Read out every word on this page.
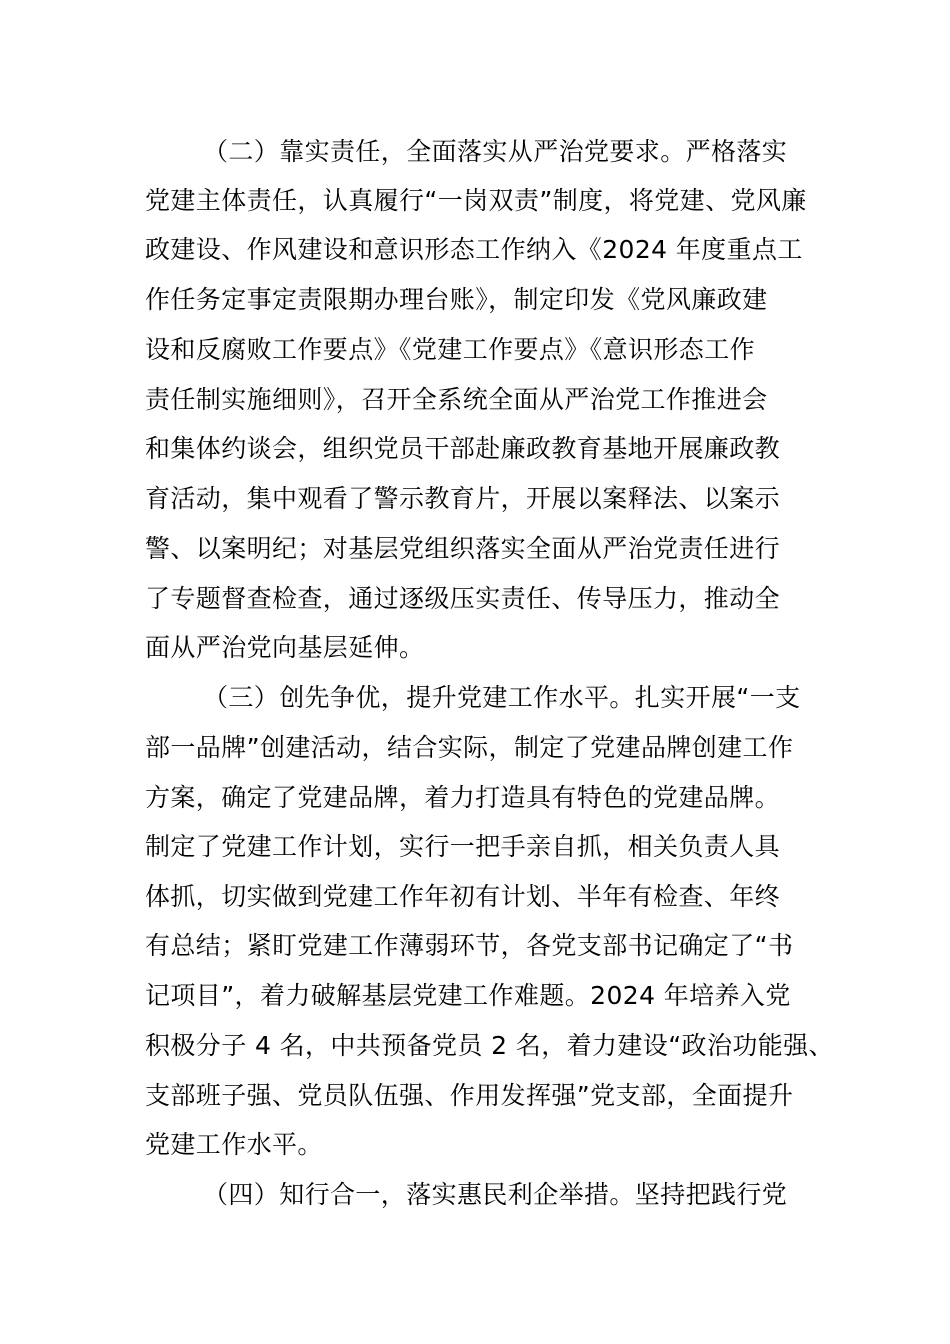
（二）靠实责任，全面落实从严治党要求。严格落实
党建主体责任，认真履行“一岗双责”制度，将党建、党风廉
政建设、作风建设和意识形态工作纳入《2024 年度重点工
作任务定事定责限期办理台账》，制定印发《党风廉政建
设和反腐败工作要点》《党建工作要点》《意识形态工作
责任制实施细则》，召开全系统全面从严治党工作推进会
和集体约谈会，组织党员干部赴廉政教育基地开展廉政教
育活动，集中观看了警示教育片，开展以案释法、以案示
警、以案明纪；对基层党组织落实全面从严治党责任进行
了专题督查检查，通过逐级压实责任、传导压力，推动全
面从严治党向基层延伸。
（三）创先争优，提升党建工作水平。扎实开展“一支
部一品牌”创建活动，结合实际，制定了党建品牌创建工作
方案，确定了党建品牌，着力打造具有特色的党建品牌。
制定了党建工作计划，实行一把手亲自抓，相关负责人具
体抓，切实做到党建工作年初有计划、半年有检查、年终
有总结；紧盯党建工作薄弱环节，各党支部书记确定了“书
记项目”，着力破解基层党建工作难题。2024 年培养入党
积极分子 4 名，中共预备党员 2 名，着力建设“政治功能强、
支部班子强、党员队伍强、作用发挥强”党支部，全面提升
党建工作水平。
（四）知行合一，落实惠民利企举措。坚持把践行党
